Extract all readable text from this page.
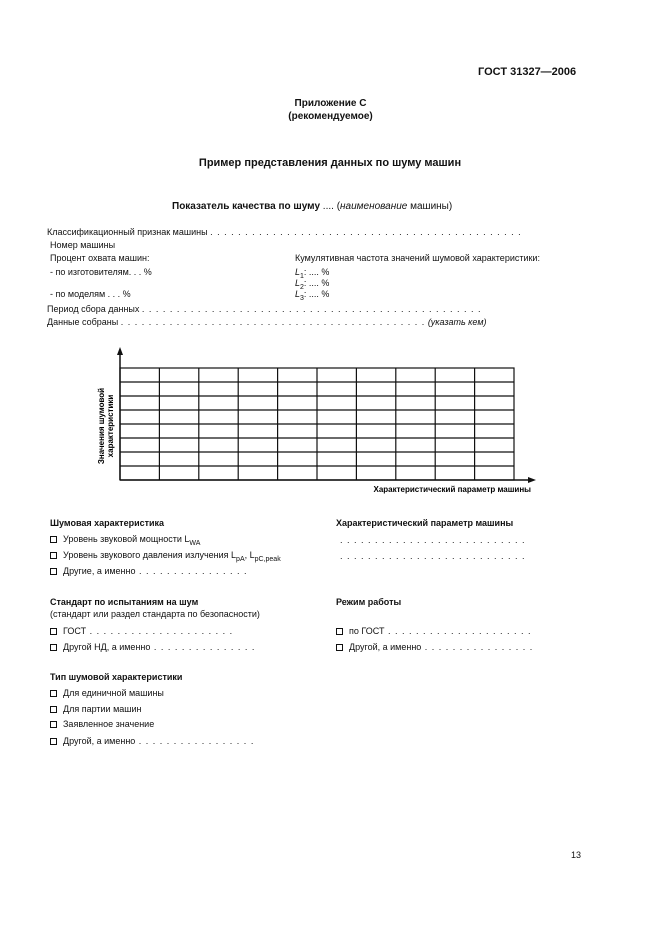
ГОСТ 31327—2006
Приложение С
(рекомендуемое)
Пример представления данных по шуму машин
Показатель качества по шуму .... (наименование машины)
Классификационный признак машины . . . . . . . . . . . . . . . . . . . . . . . . . . . . . . . . . . . . . . . . . . . . .
Номер машины
Процент охвата машин:	Кумулятивная частота значений шумовой характеристики:
- по изготовителям. . . %	$L_1$: .... %
$L_2$: .... %
- по моделям . . . %	$L_3$: .... %
Период сбора данных . . . . . . . . . . . . . . . . . . . . . . . . . . . . . . . . . . . . . . . . . . . . . . . . .
Данные собраны . . . . . . . . . . . . . . . . . . . . . . . . . . . . . . . . . . . . . . . . . . . . (указать кем)
Значения шумовой характеристики
Характеристический параметр машины
Шумовая характеристика
Уровень звуковой мощности $L_{WA}$
Уровень звукового давления излучения $L_{pA}$, $L_{pC,peak}$
Другие, а именно . . . . . . . . . . . . . . . .
Характеристический параметр машины
. . . . . . . . . . . . . . . . . . . . . . . . . . .
. . . . . . . . . . . . . . . . . . . . . . . . . . .
Стандарт по испытаниям на шум
(стандарт или раздел стандарта по безопасности)
ГОСТ . . . . . . . . . . . . . . . . . . . . .
Другой НД, а именно . . . . . . . . . . . . . . .
Режим работы
по ГОСТ . . . . . . . . . . . . . . . . . . . . .
Другой, а именно . . . . . . . . . . . . . . . .
Тип шумовой характеристики
Для единичной машины
Для партии машин
Заявленное значение
Другой, а именно . . . . . . . . . . . . . . . . .
13
